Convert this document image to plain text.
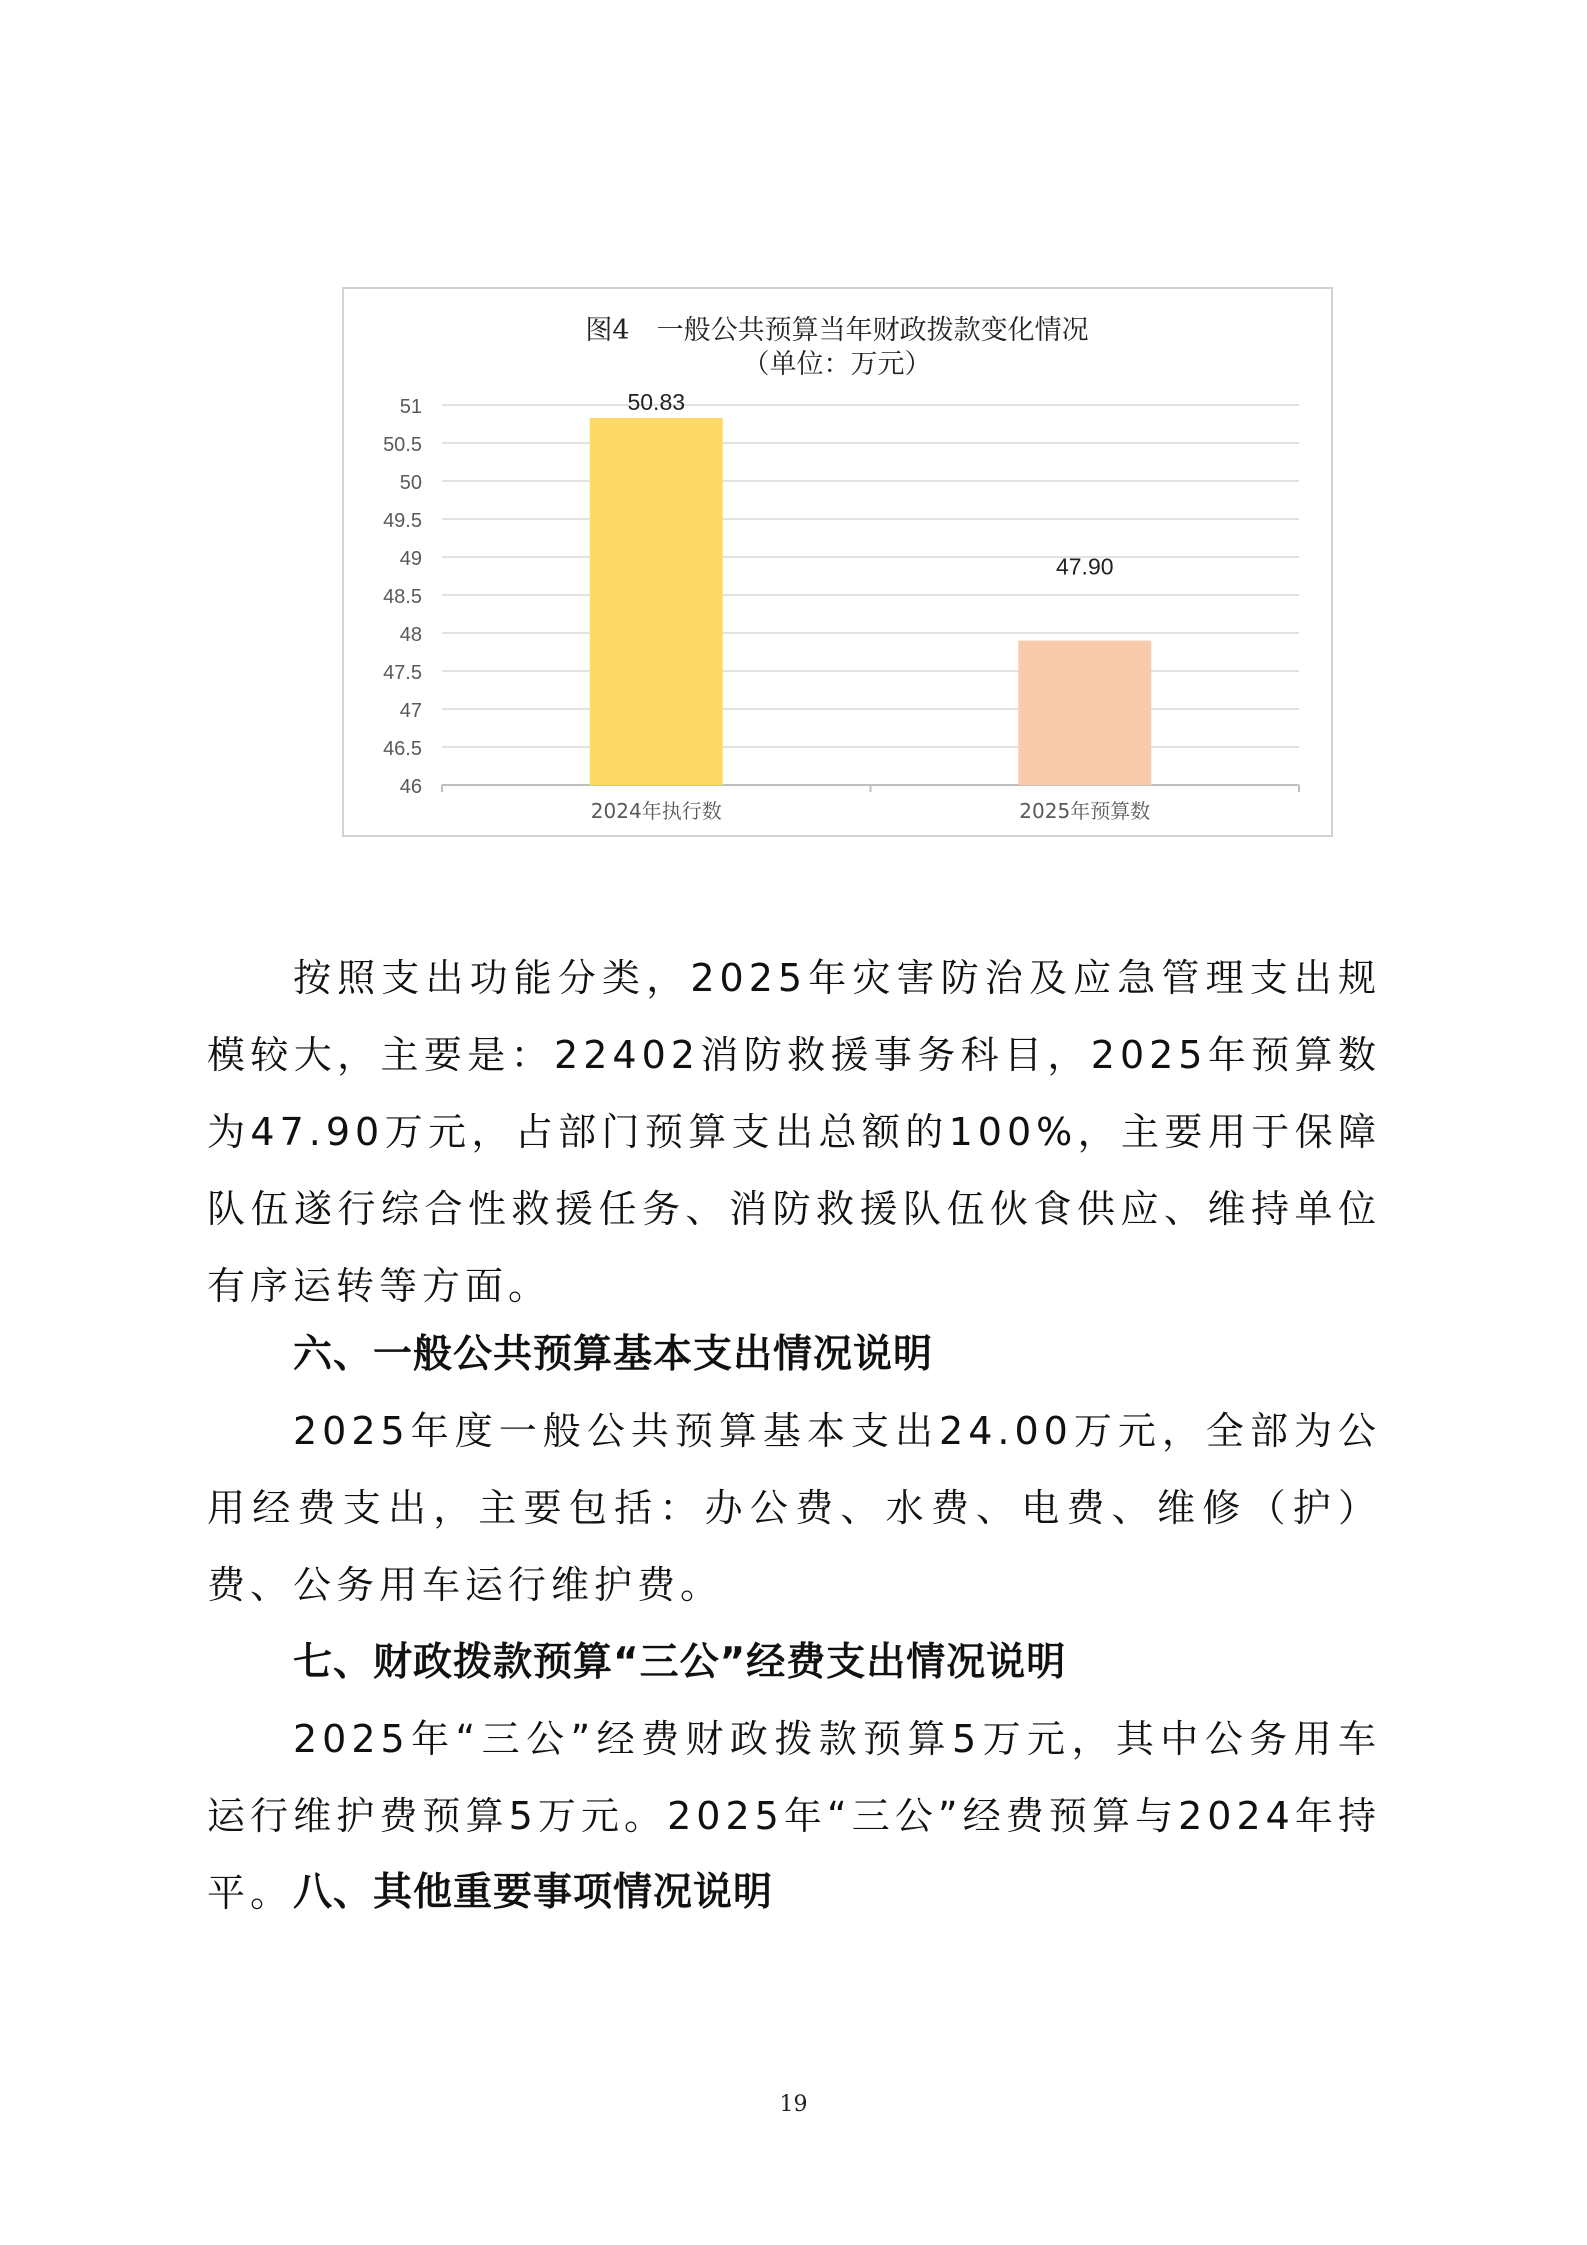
46
46.5
47
47.5
48
48.5
49
49.5
50
50.5
51	50.83
2024年执行数
47.90
2025年预算数
图4　一般公共预算当年财政拨款变化情况
（单位：万元）

按照支出功能分类，2025年灾害防治及应急管理支出规模较大，主要是：22402消防救援事务科目，2025年预算数为47.90万元，占部门预算支出总额的100%，主要用于保障队伍遂行综合性救援任务、消防救援队伍伙食供应、维持单位有序运转等方面。

六、一般公共预算基本支出情况说明

2025年度一般公共预算基本支出24.00万元，全部为公用经费支出，主要包括：办公费、水费、电费、维修（护）费、公务用车运行维护费。

七、财政拨款预算“三公”经费支出情况说明

2025年“三公”经费财政拨款预算5万元，其中公务用车运行维护费预算5万元。2025年“三公”经费预算与2024年持平。 八、其他重要事项情况说明

19
